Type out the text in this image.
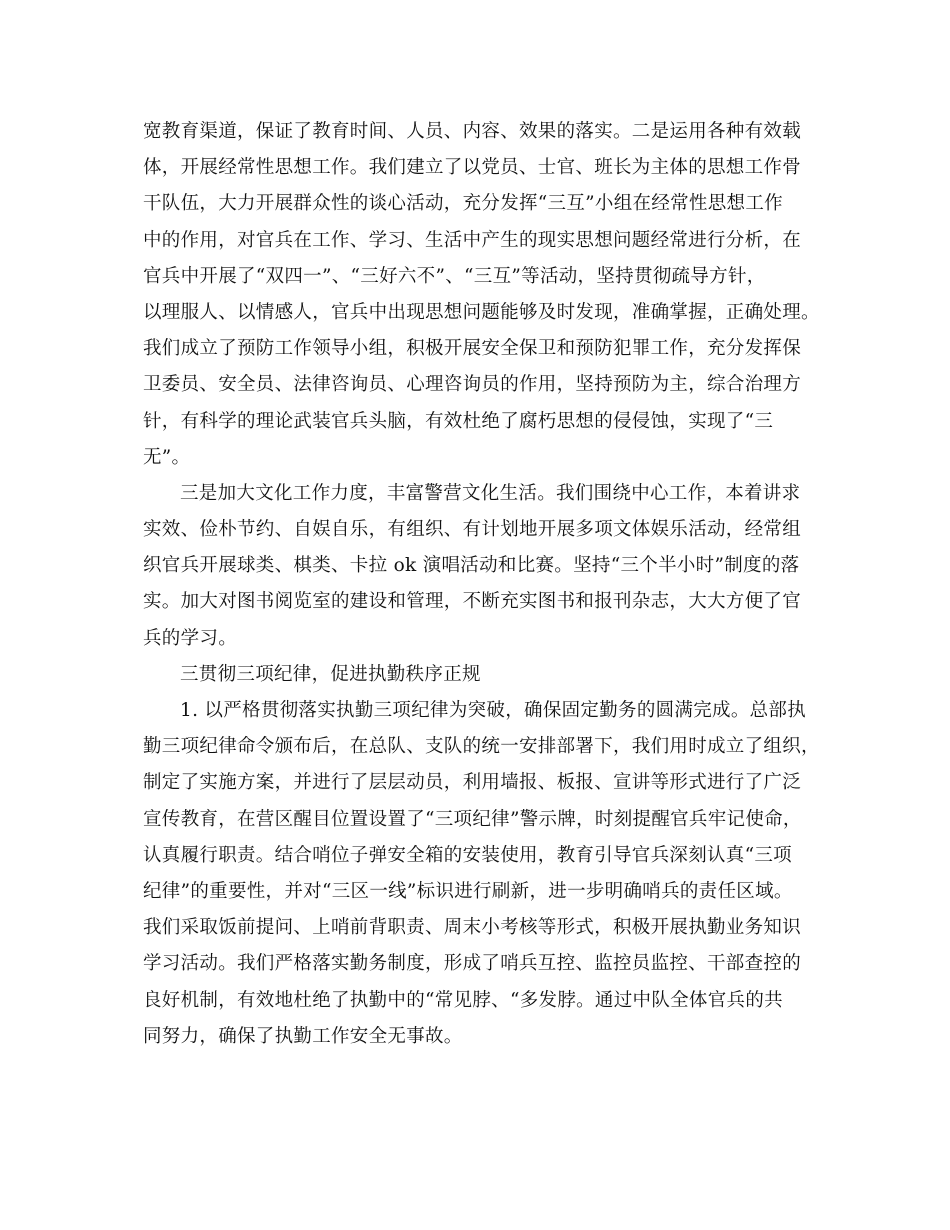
宽教育渠道，保证了教育时间、人员、内容、效果的落实。二是运用各种有效载
体，开展经常性思想工作。我们建立了以党员、士官、班长为主体的思想工作骨
干队伍，大力开展群众性的谈心活动，充分发挥“三互”小组在经常性思想工作
中的作用，对官兵在工作、学习、生活中产生的现实思想问题经常进行分析，在
官兵中开展了“双四一”、“三好六不”、“三互”等活动，坚持贯彻疏导方针，
以理服人、以情感人，官兵中出现思想问题能够及时发现，准确掌握，正确处理。
我们成立了预防工作领导小组，积极开展安全保卫和预防犯罪工作，充分发挥保
卫委员、安全员、法律咨询员、心理咨询员的作用，坚持预防为主，综合治理方
针，有科学的理论武装官兵头脑，有效杜绝了腐朽思想的侵侵蚀，实现了“三
无”。
三是加大文化工作力度，丰富警营文化生活。我们围绕中心工作，本着讲求
实效、俭朴节约、自娱自乐，有组织、有计划地开展多项文体娱乐活动，经常组
织官兵开展球类、棋类、卡拉 ok 演唱活动和比赛。坚持“三个半小时”制度的落
实。加大对图书阅览室的建设和管理，不断充实图书和报刊杂志，大大方便了官
兵的学习。
三贯彻三项纪律，促进执勤秩序正规
1. 以严格贯彻落实执勤三项纪律为突破，确保固定勤务的圆满完成。总部执
勤三项纪律命令颁布后，在总队、支队的统一安排部署下，我们用时成立了组织，
制定了实施方案，并进行了层层动员，利用墙报、板报、宣讲等形式进行了广泛
宣传教育，在营区醒目位置设置了“三项纪律”警示牌，时刻提醒官兵牢记使命，
认真履行职责。结合哨位子弹安全箱的安装使用，教育引导官兵深刻认真“三项
纪律”的重要性，并对“三区一线”标识进行刷新，进一步明确哨兵的责任区域。
我们采取饭前提问、上哨前背职责、周末小考核等形式，积极开展执勤业务知识
学习活动。我们严格落实勤务制度，形成了哨兵互控、监控员监控、干部查控的
良好机制，有效地杜绝了执勤中的“常见脖、“多发脖。通过中队全体官兵的共
同努力，确保了执勤工作安全无事故。
